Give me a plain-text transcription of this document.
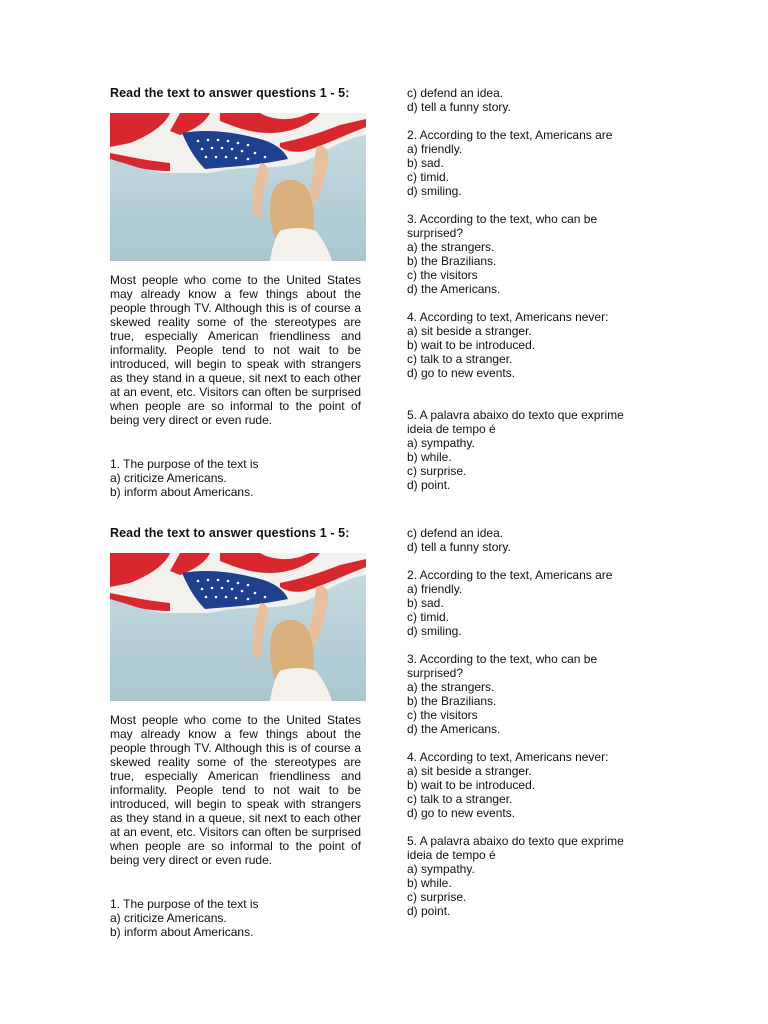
Read the text to answer questions 1 - 5:

Most people who come to the United States may already know a few things about the people through TV. Although this is of course a skewed reality some of the stereotypes are true, especially American friendliness and informality. People tend to not wait to be introduced, will begin to speak with strangers as they stand in a queue, sit next to each other at an event, etc. Visitors can often be surprised when people are so informal to the point of being very direct or even rude.

1. The purpose of the text is
a) criticize Americans.
b) inform about Americans.
c) defend an idea.
d) tell a funny story.
2. According to the text, Americans are
a) friendly.
b) sad.
c) timid.
d) smiling.
3. According to the text, who can be
surprised?
a) the strangers.
b) the Brazilians.
c) the visitors
d) the Americans.
4. According to text, Americans never:
a) sit beside a stranger.
b) wait to be introduced.
c) talk to a stranger.
d) go to new events.
5. A palavra abaixo do texto que exprime
ideia de tempo é
a) sympathy.
b) while.
c) surprise.
d) point.
Read the text to answer questions 1 - 5:

Most people who come to the United States may already know a few things about the people through TV. Although this is of course a skewed reality some of the stereotypes are true, especially American friendliness and informality. People tend to not wait to be introduced, will begin to speak with strangers as they stand in a queue, sit next to each other at an event, etc. Visitors can often be surprised when people are so informal to the point of being very direct or even rude.

1. The purpose of the text is
a) criticize Americans.
b) inform about Americans.
c) defend an idea.
d) tell a funny story.
2. According to the text, Americans are
a) friendly.
b) sad.
c) timid.
d) smiling.
3. According to the text, who can be
surprised?
a) the strangers.
b) the Brazilians.
c) the visitors
d) the Americans.
4. According to text, Americans never:
a) sit beside a stranger.
b) wait to be introduced.
c) talk to a stranger.
d) go to new events.
5. A palavra abaixo do texto que exprime
ideia de tempo é
a) sympathy.
b) while.
c) surprise.
d) point.
